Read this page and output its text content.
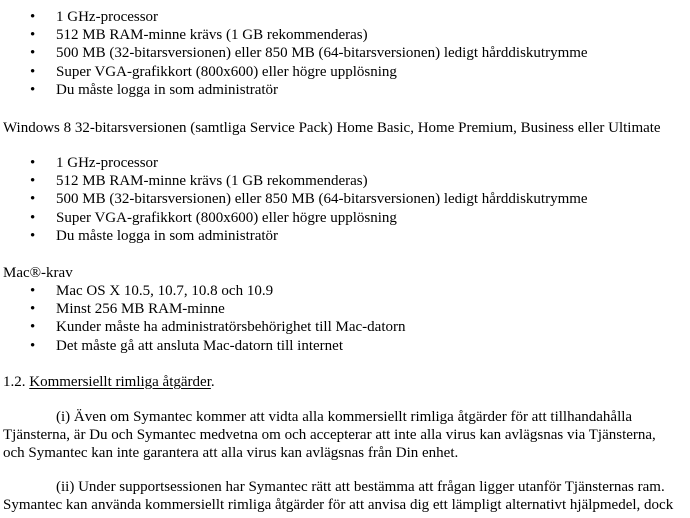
• 1 GHz-processor
• 512 MB RAM-minne krävs (1 GB rekommenderas)
• 500 MB (32-bitarsversionen) eller 850 MB (64-bitarsversionen) ledigt hårddiskutrymme
• Super VGA-grafikkort (800x600) eller högre upplösning
• Du måste logga in som administratör
Windows 8 32-bitarsversionen (samtliga Service Pack) Home Basic, Home Premium, Business eller Ultimate
• 1 GHz-processor
• 512 MB RAM-minne krävs (1 GB rekommenderas)
• 500 MB (32-bitarsversionen) eller 850 MB (64-bitarsversionen) ledigt hårddiskutrymme
• Super VGA-grafikkort (800x600) eller högre upplösning
• Du måste logga in som administratör
Mac®-krav
• Mac OS X 10.5, 10.7, 10.8 och 10.9
• Minst 256 MB RAM-minne
• Kunder måste ha administratörsbehörighet till Mac-datorn
• Det måste gå att ansluta Mac-datorn till internet
1.2. Kommersiellt rimliga åtgärder.
(i) Även om Symantec kommer att vidta alla kommersiellt rimliga åtgärder för att tillhandahålla
Tjänsterna, är Du och Symantec medvetna om och accepterar att inte alla virus kan avlägsnas via Tjänsterna,
och Symantec kan inte garantera att alla virus kan avlägsnas från Din enhet.
(ii) Under supportsessionen har Symantec rätt att bestämma att frågan ligger utanför Tjänsternas ram.
Symantec kan använda kommersiellt rimliga åtgärder för att anvisa dig ett lämpligt alternativt hjälpmedel, dock
